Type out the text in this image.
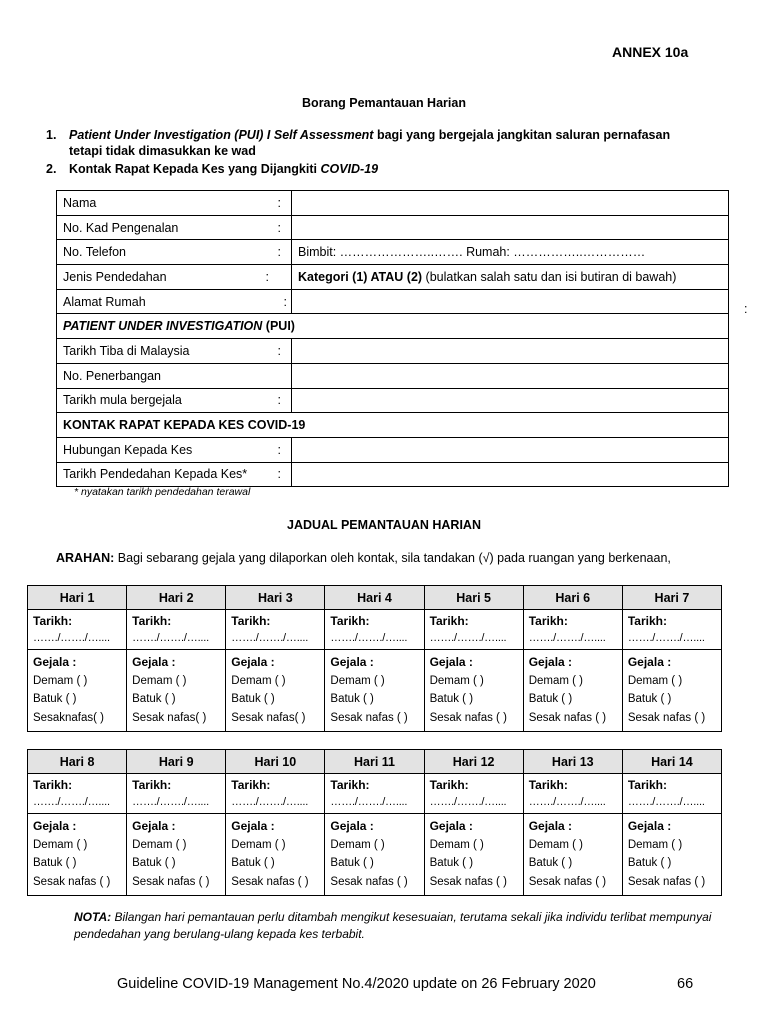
ANNEX 10a
Borang Pemantauan Harian
1. Patient Under Investigation (PUI) I Self Assessment bagi yang bergejala jangkitan saluran pernafasan tetapi tidak dimasukkan ke wad
2. Kontak Rapat Kepada Kes yang Dijangkiti COVID-19
Nama :	

No. Kad Pengenalan :	

No. Telefon :	Bimbit: …………………..……. Rumah: ……………..……………
Jenis Pendedahan :	Kategori (1) ATAU (2) (bulatkan salah satu dan isi butiran di bawah)
Alamat Rumah :	:

PATIENT UNDER INVESTIGATION (PUI)	
Tarikh Tiba di Malaysia :	

No. Penerbangan	
Tarikh mula bergejala :	

KONTAK RAPAT KEPADA KES COVID-19	
Hubungan Kepada Kes :	

Tarikh Pendedahan Kepada Kes* :	

* nyatakan tarikh pendedahan terawal
JADUAL PEMANTAUAN HARIAN
ARAHAN: Bagi sebarang gejala yang dilaporkan oleh kontak, sila tandakan (√) pada ruangan yang berkenaan,
Hari 1	Hari 2	Hari 3	Hari 4	Hari 5	Hari 6	Hari 7

Tarikh:
……./……./…....	Tarikh:
……./……./…....	Tarikh:
……./……./…....	Tarikh:
……./……./…....	Tarikh:
……./……./…....	Tarikh:
……./……./…....	Tarikh:
……./……./…....

Gejala :
Demam ( )
Batuk ( )
Sesaknafas( )	Gejala :
Demam ( )
Batuk ( )
Sesak nafas( )	Gejala :
Demam ( )
Batuk ( )
Sesak nafas( )	Gejala :
Demam ( )
Batuk ( )
Sesak nafas ( )	Gejala :
Demam ( )
Batuk ( )
Sesak nafas ( )	Gejala :
Demam ( )
Batuk ( )
Sesak nafas ( )	Gejala :
Demam ( )
Batuk ( )
Sesak nafas ( )
Hari 8	Hari 9	Hari 10	Hari 11	Hari 12	Hari 13	Hari 14

Tarikh:
……./……./…....	Tarikh:
……./……./…....	Tarikh:
……./……./…....	Tarikh:
……./……./…....	Tarikh:
……./……./…....	Tarikh:
……./……./…....	Tarikh:
……./……./…....

Gejala :
Demam ( )
Batuk ( )
Sesak nafas ( )	Gejala :
Demam ( )
Batuk ( )
Sesak nafas ( )	Gejala :
Demam ( )
Batuk ( )
Sesak nafas ( )	Gejala :
Demam ( )
Batuk ( )
Sesak nafas ( )	Gejala :
Demam ( )
Batuk ( )
Sesak nafas ( )	Gejala :
Demam ( )
Batuk ( )
Sesak nafas ( )	Gejala :
Demam ( )
Batuk ( )
Sesak nafas ( )
NOTA: Bilangan hari pemantauan perlu ditambah mengikut kesesuaian, terutama sekali jika individu terlibat mempunyai pendedahan yang berulang-ulang kepada kes terbabit.
Guideline COVID-19 Management No.4/2020 update on 26 February 2020	66
